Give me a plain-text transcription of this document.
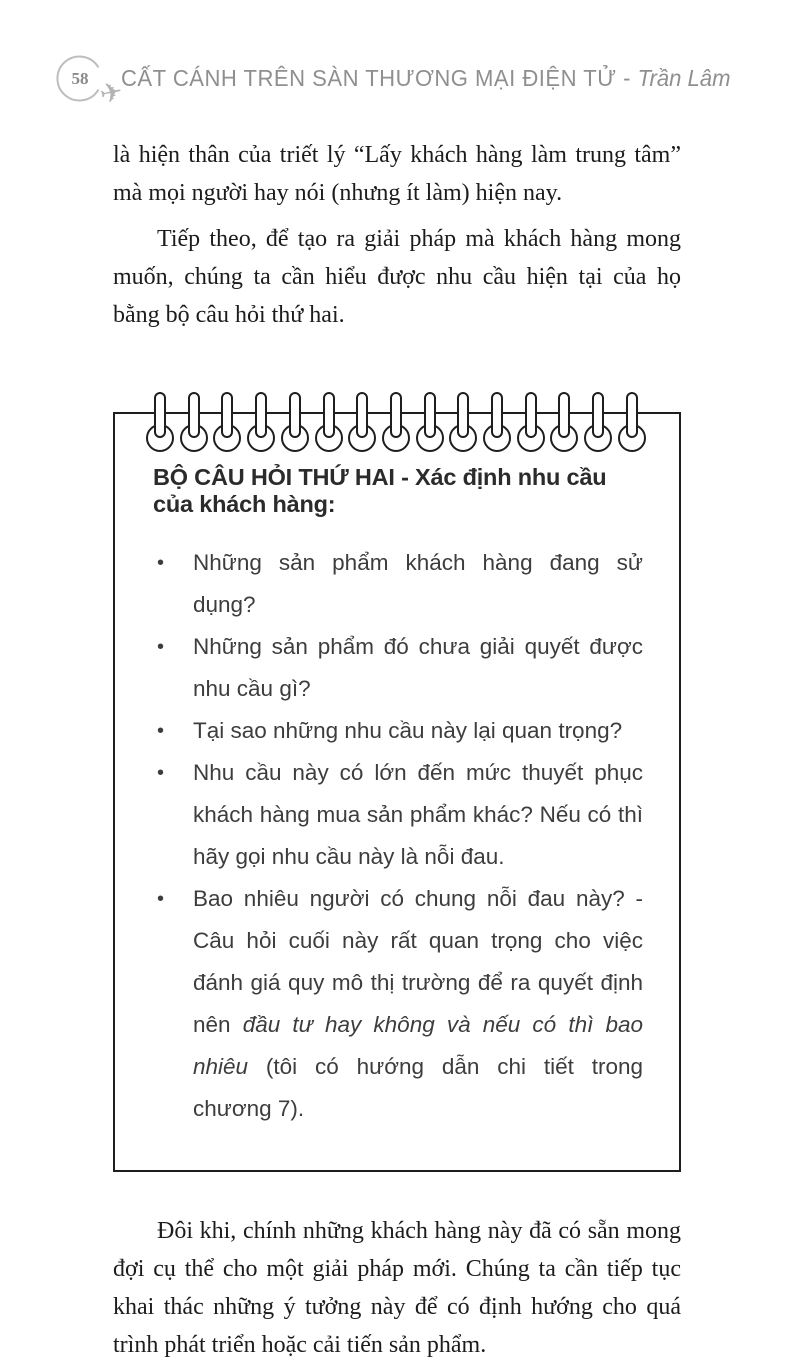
58 ✈
CẤT CÁNH TRÊN SÀN THƯƠNG MẠI ĐIỆN TỬ - Trần Lâm

là hiện thân của triết lý “Lấy khách hàng làm trung tâm” mà mọi người hay nói (nhưng ít làm) hiện nay.

Tiếp theo, để tạo ra giải pháp mà khách hàng mong muốn, chúng ta cần hiểu được nhu cầu hiện tại của họ bằng bộ câu hỏi thứ hai.

BỘ CÂU HỎI THỨ HAI - Xác định nhu cầu của khách hàng:
• Những sản phẩm khách hàng đang sử dụng?
• Những sản phẩm đó chưa giải quyết được nhu cầu gì?
• Tại sao những nhu cầu này lại quan trọng?
• Nhu cầu này có lớn đến mức thuyết phục khách hàng mua sản phẩm khác? Nếu có thì hãy gọi nhu cầu này là nỗi đau.
• Bao nhiêu người có chung nỗi đau này? - Câu hỏi cuối này rất quan trọng cho việc đánh giá quy mô thị trường để ra quyết định nên đầu tư hay không và nếu có thì bao nhiêu (tôi có hướng dẫn chi tiết trong chương 7).

Đôi khi, chính những khách hàng này đã có sẵn mong đợi cụ thể cho một giải pháp mới. Chúng ta cần tiếp tục khai thác những ý tưởng này để có định hướng cho quá trình phát triển hoặc cải tiến sản phẩm.
